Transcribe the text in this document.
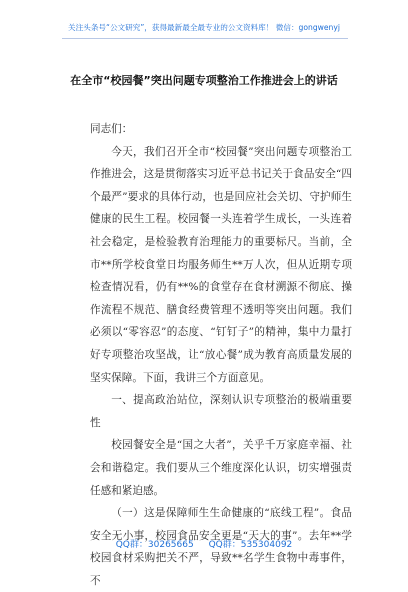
关注头条号“公文研究”，获得最新最全最专业的公文资料库！ 微信：gongwenyj
在全市“校园餐”突出问题专项整治工作推进会上的讲话

同志们：

今天，我们召开全市“校园餐”突出问题专项整治工作推进会，这是贯彻落实习近平总书记关于食品安全“四个最严”要求的具体行动，也是回应社会关切、守护师生健康的民生工程。校园餐一头连着学生成长，一头连着社会稳定，是检验教育治理能力的重要标尺。当前，全市**所学校食堂日均服务师生**万人次，但从近期专项检查情况看，仍有**%的食堂存在食材溯源不彻底、操作流程不规范、膳食经费管理不透明等突出问题。我们必须以“零容忍”的态度、“钉钉子”的精神，集中力量打好专项整治攻坚战，让“放心餐”成为教育高质量发展的坚实保障。下面，我讲三个方面意见。

一、提高政治站位，深刻认识专项整治的极端重要性

校园餐安全是“国之大者”，关乎千万家庭幸福、社会和谐稳定。我们要从三个维度深化认识，切实增强责任感和紧迫感。

（一）这是保障师生生命健康的“底线工程”。食品安全无小事，校园食品安全更是“天大的事”。去年**学校园食材采购把关不严，导致**名学生食物中毒事件，不

QQ群：30265665 QQ群：535304092
